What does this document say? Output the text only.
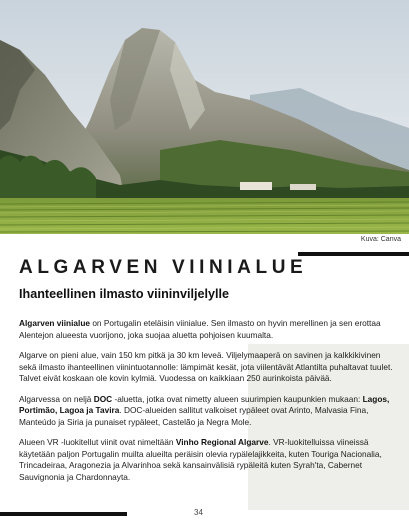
Kuva: Canva
ALGARVEN VIINIALUE
Ihanteellinen ilmasto viininviljelylle

Algarven viinialue on Portugalin eteläisin viinialue. Sen ilmasto on hyvin merellinen ja sen erottaa Alentejon alueesta vuorijono, joka suojaa aluetta pohjoisen kuumalta.

Algarve on pieni alue, vain 150 km pitkä ja 30 km leveä. Viljelymaaperä on savinen ja kalkkikivinen sekä ilmasto ihanteellinen viinintuotannolle: lämpimät kesät, jota viilentävät Atlantilta puhaltavat tuulet. Talvet eivät koskaan ole kovin kylmiä. Vuodessa on kaikkiaan 250 aurinkoista päivää.

Algarvessa on neljä DOC -aluetta, jotka ovat nimetty alueen suurimpien kaupunkien mukaan: Lagos, Portimão, Lagoa ja Tavira. DOC-alueiden sallitut valkoiset rypäleet ovat Arinto, Malvasia Fina, Manteúdo ja Siria ja punaiset rypäleet, Castelão ja Negra Mole.

Alueen VR -luokitellut viinit ovat nimeltään Vinho Regional Algarve. VR-luokitelluissa viineissä käytetään paljon Portugalin muilta alueilta peräisin olevia rypälelajikkeita, kuten Touriga Nacionalia, Trincadeiraa, Aragonezia ja Alvarinhoa sekä kansainvälisiä rypäleitä kuten Syrah'ta, Cabernet Sauvignonia ja Chardonnayta.

34
